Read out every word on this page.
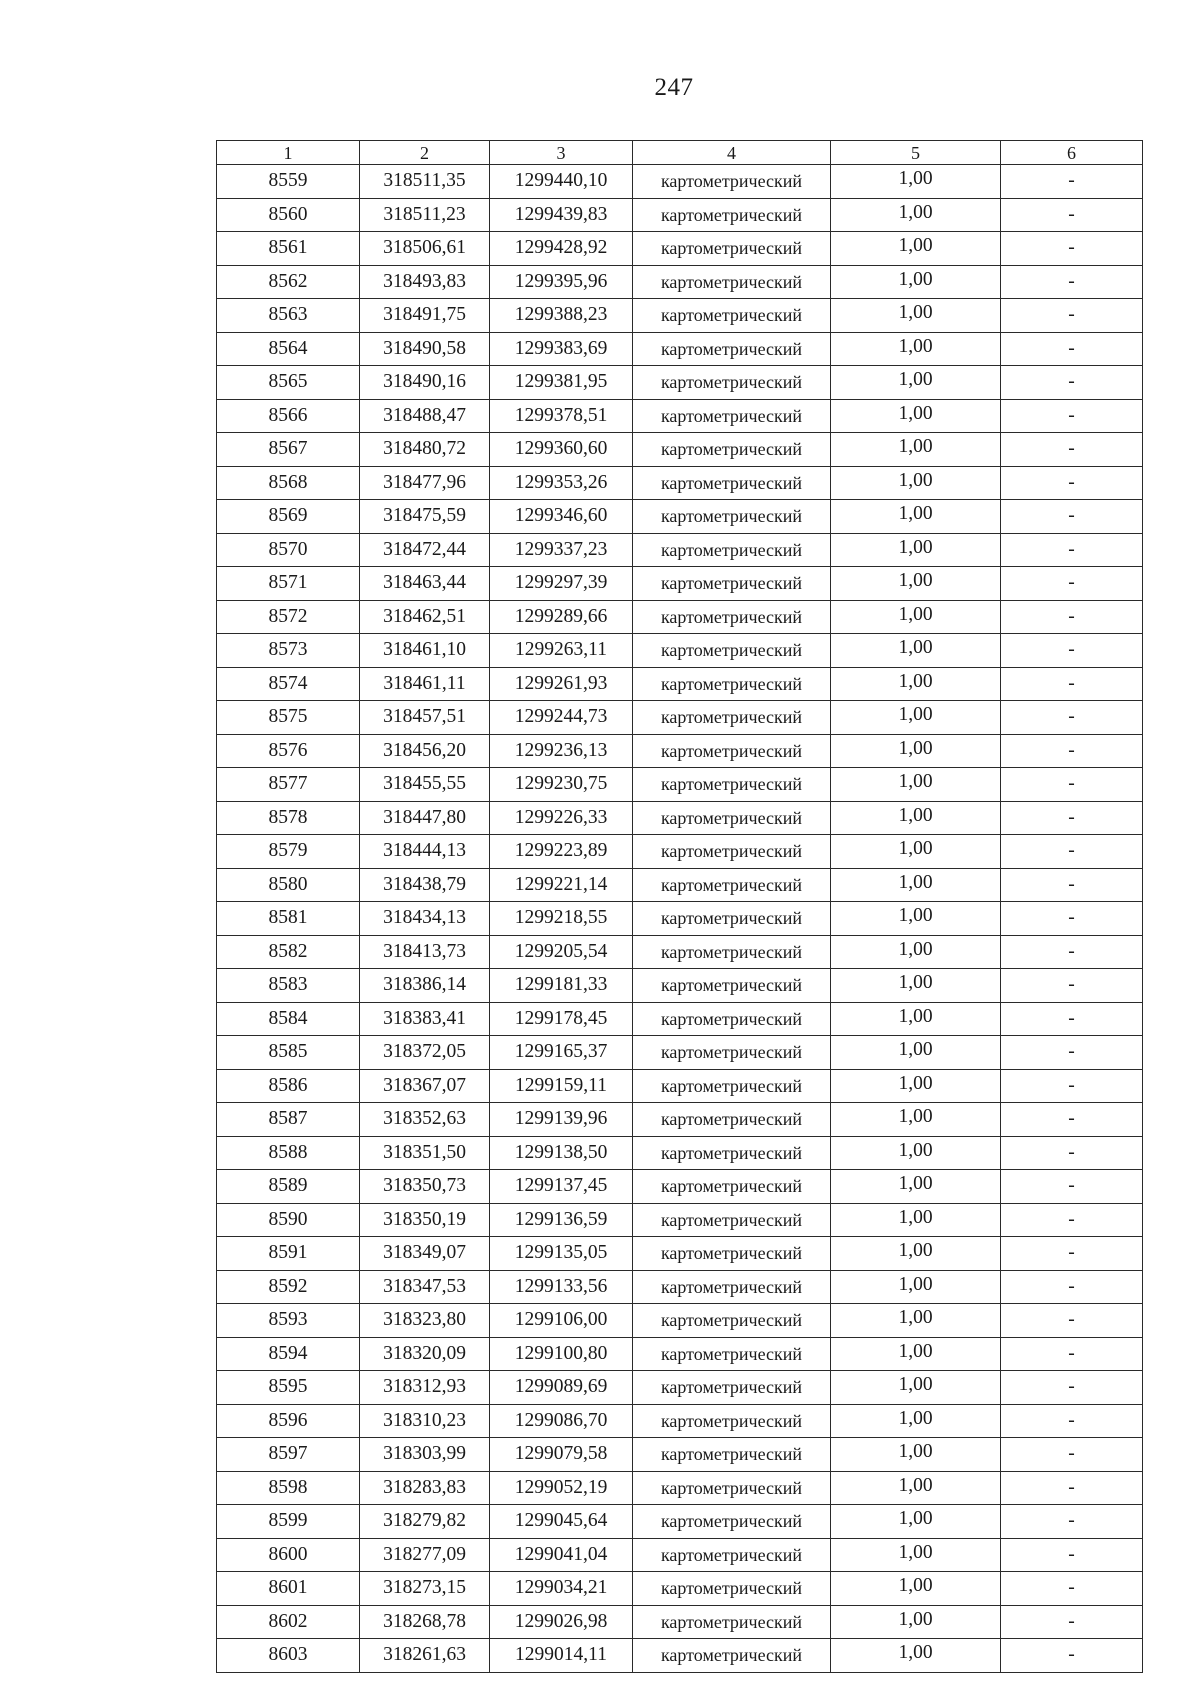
247
1	2	3	4	5	6
8559	318511,35	1299440,10	картометрический	1,00	-
8560	318511,23	1299439,83	картометрический	1,00	-
8561	318506,61	1299428,92	картометрический	1,00	-
8562	318493,83	1299395,96	картометрический	1,00	-
8563	318491,75	1299388,23	картометрический	1,00	-
8564	318490,58	1299383,69	картометрический	1,00	-
8565	318490,16	1299381,95	картометрический	1,00	-
8566	318488,47	1299378,51	картометрический	1,00	-
8567	318480,72	1299360,60	картометрический	1,00	-
8568	318477,96	1299353,26	картометрический	1,00	-
8569	318475,59	1299346,60	картометрический	1,00	-
8570	318472,44	1299337,23	картометрический	1,00	-
8571	318463,44	1299297,39	картометрический	1,00	-
8572	318462,51	1299289,66	картометрический	1,00	-
8573	318461,10	1299263,11	картометрический	1,00	-
8574	318461,11	1299261,93	картометрический	1,00	-
8575	318457,51	1299244,73	картометрический	1,00	-
8576	318456,20	1299236,13	картометрический	1,00	-
8577	318455,55	1299230,75	картометрический	1,00	-
8578	318447,80	1299226,33	картометрический	1,00	-
8579	318444,13	1299223,89	картометрический	1,00	-
8580	318438,79	1299221,14	картометрический	1,00	-
8581	318434,13	1299218,55	картометрический	1,00	-
8582	318413,73	1299205,54	картометрический	1,00	-
8583	318386,14	1299181,33	картометрический	1,00	-
8584	318383,41	1299178,45	картометрический	1,00	-
8585	318372,05	1299165,37	картометрический	1,00	-
8586	318367,07	1299159,11	картометрический	1,00	-
8587	318352,63	1299139,96	картометрический	1,00	-
8588	318351,50	1299138,50	картометрический	1,00	-
8589	318350,73	1299137,45	картометрический	1,00	-
8590	318350,19	1299136,59	картометрический	1,00	-
8591	318349,07	1299135,05	картометрический	1,00	-
8592	318347,53	1299133,56	картометрический	1,00	-
8593	318323,80	1299106,00	картометрический	1,00	-
8594	318320,09	1299100,80	картометрический	1,00	-
8595	318312,93	1299089,69	картометрический	1,00	-
8596	318310,23	1299086,70	картометрический	1,00	-
8597	318303,99	1299079,58	картометрический	1,00	-
8598	318283,83	1299052,19	картометрический	1,00	-
8599	318279,82	1299045,64	картометрический	1,00	-
8600	318277,09	1299041,04	картометрический	1,00	-
8601	318273,15	1299034,21	картометрический	1,00	-
8602	318268,78	1299026,98	картометрический	1,00	-
8603	318261,63	1299014,11	картометрический	1,00	-
